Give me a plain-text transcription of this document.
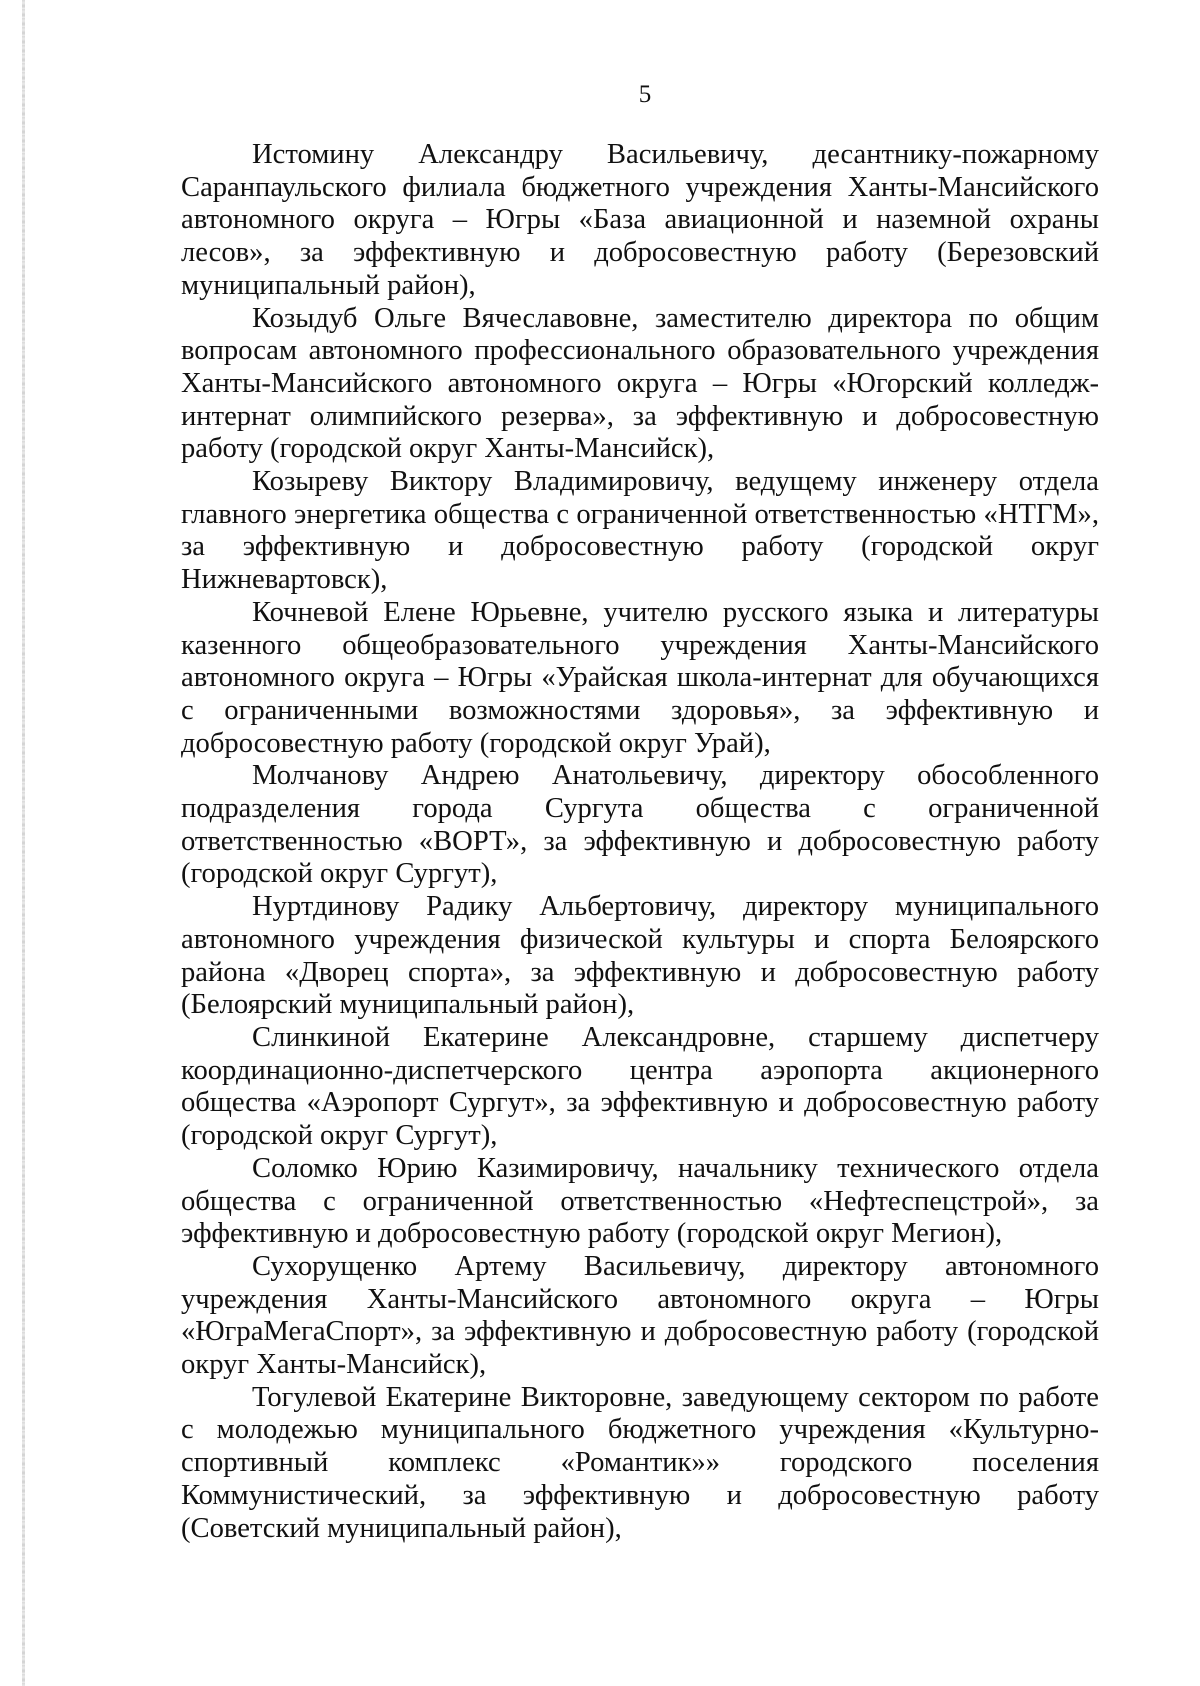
5

Истомину Александру Васильевичу, десантнику-пожарному Саранпаульского филиала бюджетного учреждения Ханты-Мансийского автономного округа – Югры «База авиационной и наземной охраны лесов», за эффективную и добросовестную работу (Березовский муниципальный район),

Козыдуб Ольге Вячеславовне, заместителю директора по общим вопросам автономного профессионального образовательного учреждения Ханты-Мансийского автономного округа – Югры «Югорский колледж-интернат олимпийского резерва», за эффективную и добросовестную работу (городской округ Ханты-Мансийск),

Козыреву Виктору Владимировичу, ведущему инженеру отдела главного энергетика общества с ограниченной ответственностью «НТГМ», за эффективную и добросовестную работу (городской округ Нижневартовск),

Кочневой Елене Юрьевне, учителю русского языка и литературы казенного общеобразовательного учреждения Ханты-Мансийского автономного округа – Югры «Урайская школа-интернат для обучающихся с ограниченными возможностями здоровья», за эффективную и добросовестную работу (городской округ Урай),

Молчанову Андрею Анатольевичу, директору обособленного подразделения города Сургута общества с ограниченной ответственностью «ВОРТ», за эффективную и добросовестную работу (городской округ Сургут),

Нуртдинову Радику Альбертовичу, директору муниципального автономного учреждения физической культуры и спорта Белоярского района «Дворец спорта», за эффективную и добросовестную работу (Белоярский муниципальный район),

Слинкиной Екатерине Александровне, старшему диспетчеру координационно-диспетчерского центра аэропорта акционерного общества «Аэропорт Сургут», за эффективную и добросовестную работу (городской округ Сургут),

Соломко Юрию Казимировичу, начальнику технического отдела общества с ограниченной ответственностью «Нефтеспецстрой», за эффективную и добросовестную работу (городской округ Мегион),

Сухорущенко Артему Васильевичу, директору автономного учреждения Ханты-Мансийского автономного округа – Югры «ЮграМегаСпорт», за эффективную и добросовестную работу (городской округ Ханты-Мансийск),

Тогулевой Екатерине Викторовне, заведующему сектором по работе с молодежью муниципального бюджетного учреждения «Культурно-спортивный комплекс «Романтик»» городского поселения Коммунистический, за эффективную и добросовестную работу (Советский муниципальный район),
